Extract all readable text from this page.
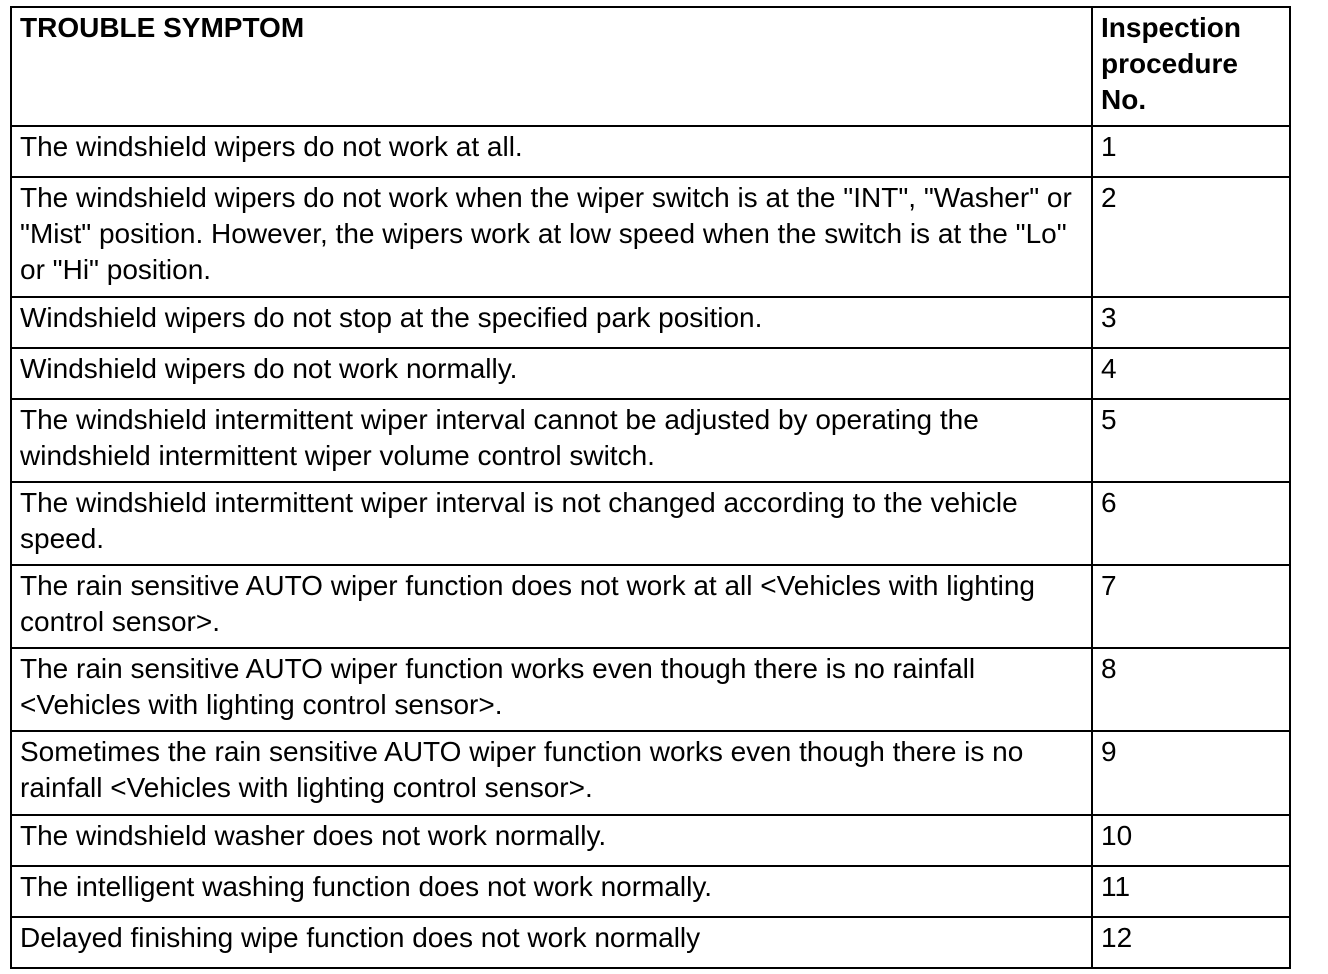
TROUBLE SYMPTOM	Inspection procedure No.
The windshield wipers do not work at all.	1
The windshield wipers do not work when the wiper switch is at the "INT", "Washer" or "Mist" position. However, the wipers work at low speed when the switch is at the "Lo" or "Hi" position.	2
Windshield wipers do not stop at the specified park position.	3
Windshield wipers do not work normally.	4
The windshield intermittent wiper interval cannot be adjusted by operating the windshield intermittent wiper volume control switch.	5
The windshield intermittent wiper interval is not changed according to the vehicle speed.	6
The rain sensitive AUTO wiper function does not work at all <Vehicles with lighting control sensor>.	7
The rain sensitive AUTO wiper function works even though there is no rainfall <Vehicles with lighting control sensor>.	8
Sometimes the rain sensitive AUTO wiper function works even though there is no rainfall <Vehicles with lighting control sensor>.	9
The windshield washer does not work normally.	10
The intelligent washing function does not work normally.	11
Delayed finishing wipe function does not work normally	12
